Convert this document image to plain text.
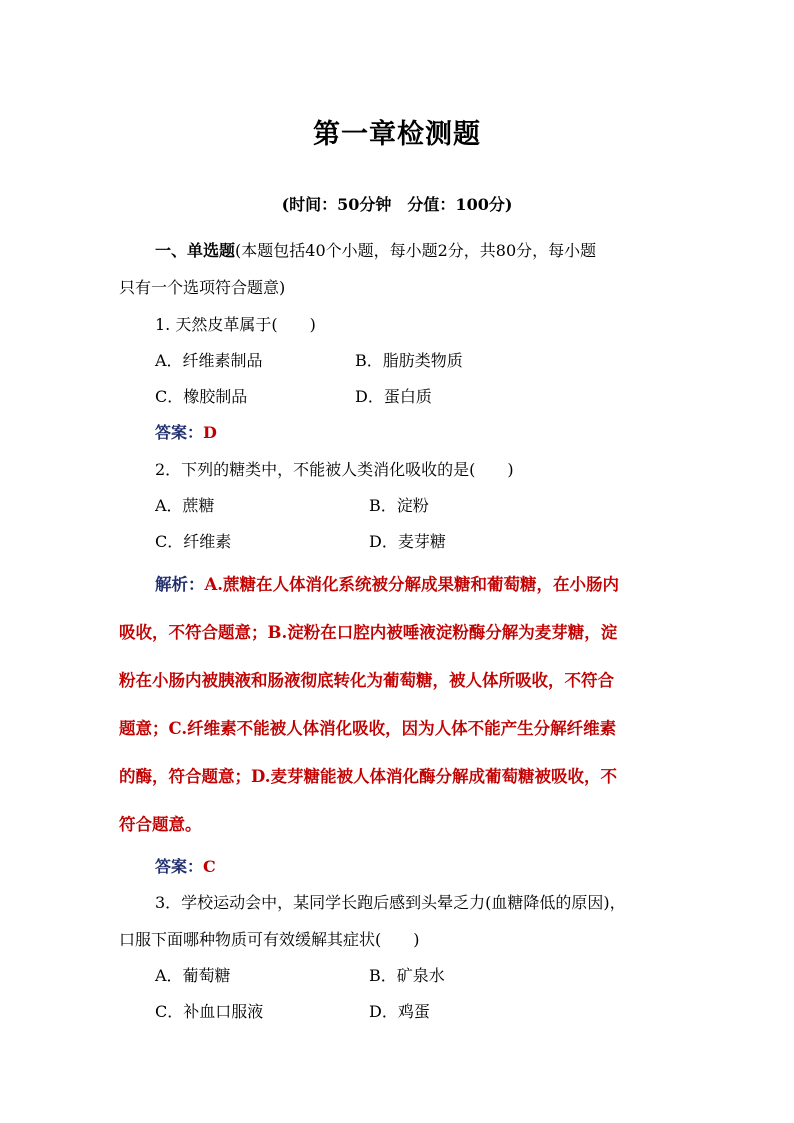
第一章检测题
(时间：50分钟　分值：100分)
一、单选题(本题包括40个小题，每小题2分，共80分，每小题
只有一个选项符合题意)
1. 天然皮革属于(　　)
A．纤维素制品	B．脂肪类物质
C．橡胶制品	D．蛋白质
答案：D
2．下列的糖类中，不能被人类消化吸收的是(　　)
A．蔗糖	B．淀粉
C．纤维素	D．麦芽糖
解析：A.蔗糖在人体消化系统被分解成果糖和葡萄糖，在小肠内
吸收，不符合题意；B.淀粉在口腔内被唾液淀粉酶分解为麦芽糖，淀
粉在小肠内被胰液和肠液彻底转化为葡萄糖，被人体所吸收，不符合
题意；C.纤维素不能被人体消化吸收，因为人体不能产生分解纤维素
的酶，符合题意；D.麦芽糖能被人体消化酶分解成葡萄糖被吸收，不
符合题意。
答案：C
3．学校运动会中，某同学长跑后感到头晕乏力(血糖降低的原因)，
口服下面哪种物质可有效缓解其症状(　　)
A．葡萄糖	B．矿泉水
C．补血口服液	D．鸡蛋
